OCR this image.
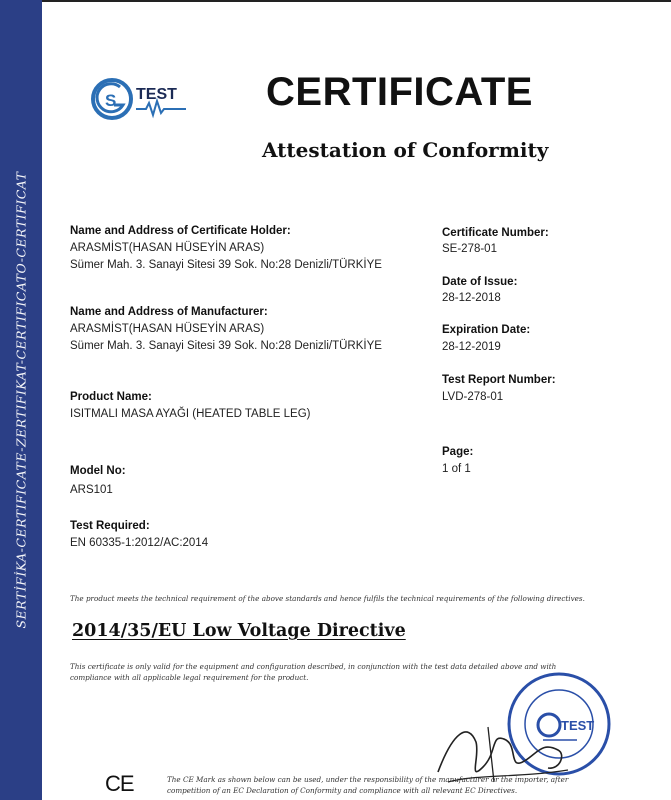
SERTİFİKA-CERTIFICATE-ZERTIFIKAT-CERTIFICATO-CERTIFICAT
S TEST CERTIFICATE
Attestation of Conformity
Name and Address of Certificate Holder:
ARASMİST(HASAN HÜSEYİN ARAS)
Sümer Mah. 3. Sanayi Sitesi 39 Sok. No:28 Denizli/TÜRKİYE
Name and Address of Manufacturer:
ARASMİST(HASAN HÜSEYİN ARAS)
Sümer Mah. 3. Sanayi Sitesi 39 Sok. No:28 Denizli/TÜRKİYE
Product Name:
ISITMALI MASA AYAĞI (HEATED TABLE LEG)
Model No:
ARS101
Test Required:
EN 60335-1:2012/AC:2014
Certificate Number:
SE-278-01
Date of Issue:
28-12-2018
Expiration Date:
28-12-2019
Test Report Number:
LVD-278-01
Page:
1 of 1
The product meets the technical requirement of the above standards and hence fulfils the technical requirements of the following directives.
2014/35/EU Low Voltage Directive
This certificate is only valid for the equipment and configuration described, in conjunction with the test data detailed above and with
compliance with all applicable legal requirement for the product.
TEST
CE	The CE Mark as shown below can be used, under the responsibility of the manufacturer or the importer, after
competition of an EC Declaration of Conformity and compliance with all relevant EC Directives.
